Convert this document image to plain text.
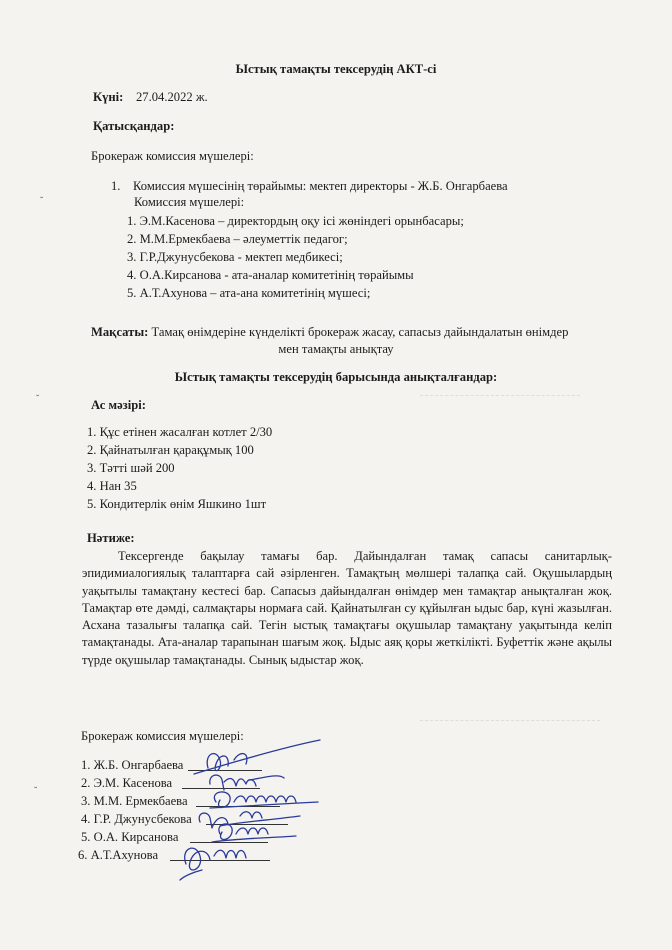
˘
˘
˘
Ыстық тамақты тексерудің АКТ-сі
Күні: 27.04.2022 ж.
Қатысқандар:
Брокераж комиссия мүшелері:
1. Комиссия мүшесінің төрайымы: мектеп директоры - Ж.Б. Онгарбаева
Комиссия мүшелері:
1. Э.М.Касенова – директордың оқу ісі жөніндегі орынбасары;
2. М.М.Ермекбаева – әлеуметтік педагог;
3. Г.Р.Джунусбекова - мектеп медбикесі;
4. О.А.Кирсанова - ата-аналар комитетінің төрайымы
5. А.Т.Ахунова – ата-ана комитетінің мүшесі;
Мақсаты: Тамақ өнімдеріне күнделікті брокераж жасау, сапасыз дайындалатын өнімдер
мен тамақты анықтау
Ыстық тамақты тексерудің барысында анықталғандар:
Ас мәзірі:
1. Құс етінен жасалған котлет 2/30
2. Қайнатылған қарақұмық 100
3. Тәтті шәй 200
4. Нан 35
5. Кондитерлік өнім Яшкино 1шт
Нәтиже:
Тексергенде бақылау тамағы бар. Дайындалған тамақ сапасы санитарлық-эпидимиалогиялық талаптарға сай әзірленген. Тамақтың мөлшері талапқа сай. Оқушылардың уақытылы тамақтану кестесі бар. Сапасыз дайындалған өнімдер мен тамақтар анықталған жоқ. Тамақтар өте дәмді, салмақтары нормаға сай. Қайнатылған су құйылған ыдыс бар, күні жазылған. Асхана тазалығы талапқа сай. Тегін ыстық тамақтағы оқушылар тамақтану уақытында келіп тамақтанады. Ата-аналар тарапынан шағым жоқ. Ыдыс аяқ қоры жеткілікті. Буфеттік және ақылы түрде оқушылар тамақтанады. Сынық ыдыстар жоқ.
Брокераж комиссия мүшелері:
1. Ж.Б. Онгарбаева
2. Э.М. Касенова
3. М.М. Ермекбаева
4. Г.Р. Джунусбекова
5. О.А. Кирсанова
6. А.Т.Ахунова
